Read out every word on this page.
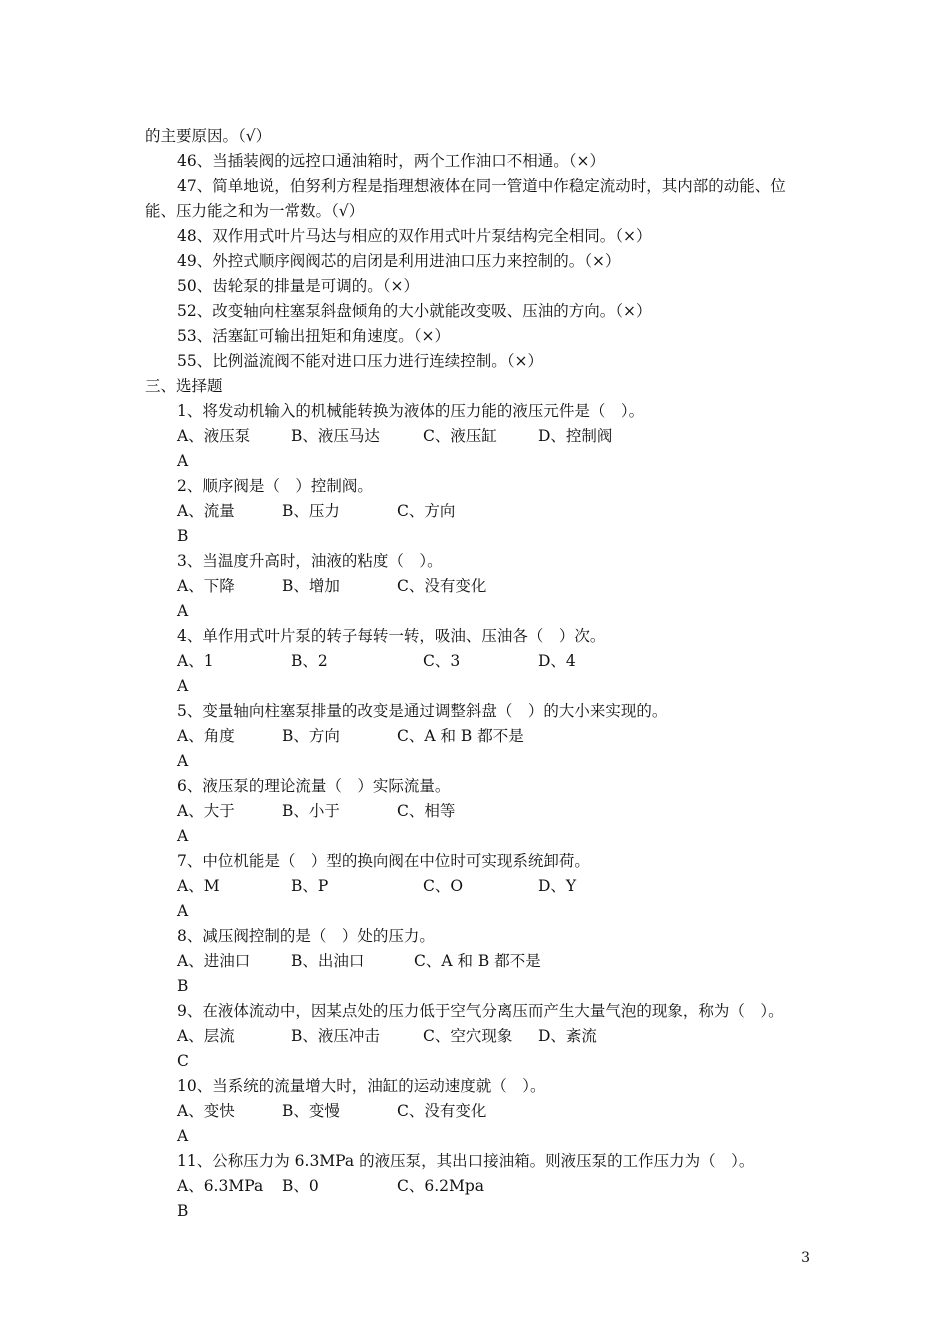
的主要原因。（√）
46、当插装阀的远控口通油箱时，两个工作油口不相通。（×）
47、简单地说，伯努利方程是指理想液体在同一管道中作稳定流动时，其内部的动能、位
能、压力能之和为一常数。（√）
48、双作用式叶片马达与相应的双作用式叶片泵结构完全相同。（×）
49、外控式顺序阀阀芯的启闭是利用进油口压力来控制的。（×）
50、齿轮泵的排量是可调的。（×）
52、改变轴向柱塞泵斜盘倾角的大小就能改变吸、压油的方向。（×）
53、活塞缸可输出扭矩和角速度。（×）
55、比例溢流阀不能对进口压力进行连续控制。（×）
三、选择题
1、将发动机输入的机械能转换为液体的压力能的液压元件是（　）。
A、液压泵	B、液压马达	C、液压缸	D、控制阀
A
2、顺序阀是（　）控制阀。
A、流量	B、压力	C、方向
B
3、当温度升高时，油液的粘度（　）。
A、下降	B、增加	C、没有变化
A
4、单作用式叶片泵的转子每转一转，吸油、压油各（　）次。
A、1	B、2	C、3	D、4
A
5、变量轴向柱塞泵排量的改变是通过调整斜盘（　）的大小来实现的。
A、角度	B、方向	C、A 和 B 都不是
A
6、液压泵的理论流量（　）实际流量。
A、大于	B、小于	C、相等
A
7、中位机能是（　）型的换向阀在中位时可实现系统卸荷。
A、M	B、P	C、O	D、Y
A
8、减压阀控制的是（　）处的压力。
A、进油口	B、出油口	C、A 和 B 都不是
B
9、在液体流动中，因某点处的压力低于空气分离压而产生大量气泡的现象，称为（　）。
A、层流	B、液压冲击	C、空穴现象 D、紊流
C
10、当系统的流量增大时，油缸的运动速度就（　）。
A、变快	B、变慢	C、没有变化
A
11、公称压力为 6.3MPa 的液压泵，其出口接油箱。则液压泵的工作压力为（　）。
A、6.3MPa B、0	C、6.2Mpa
B
3
